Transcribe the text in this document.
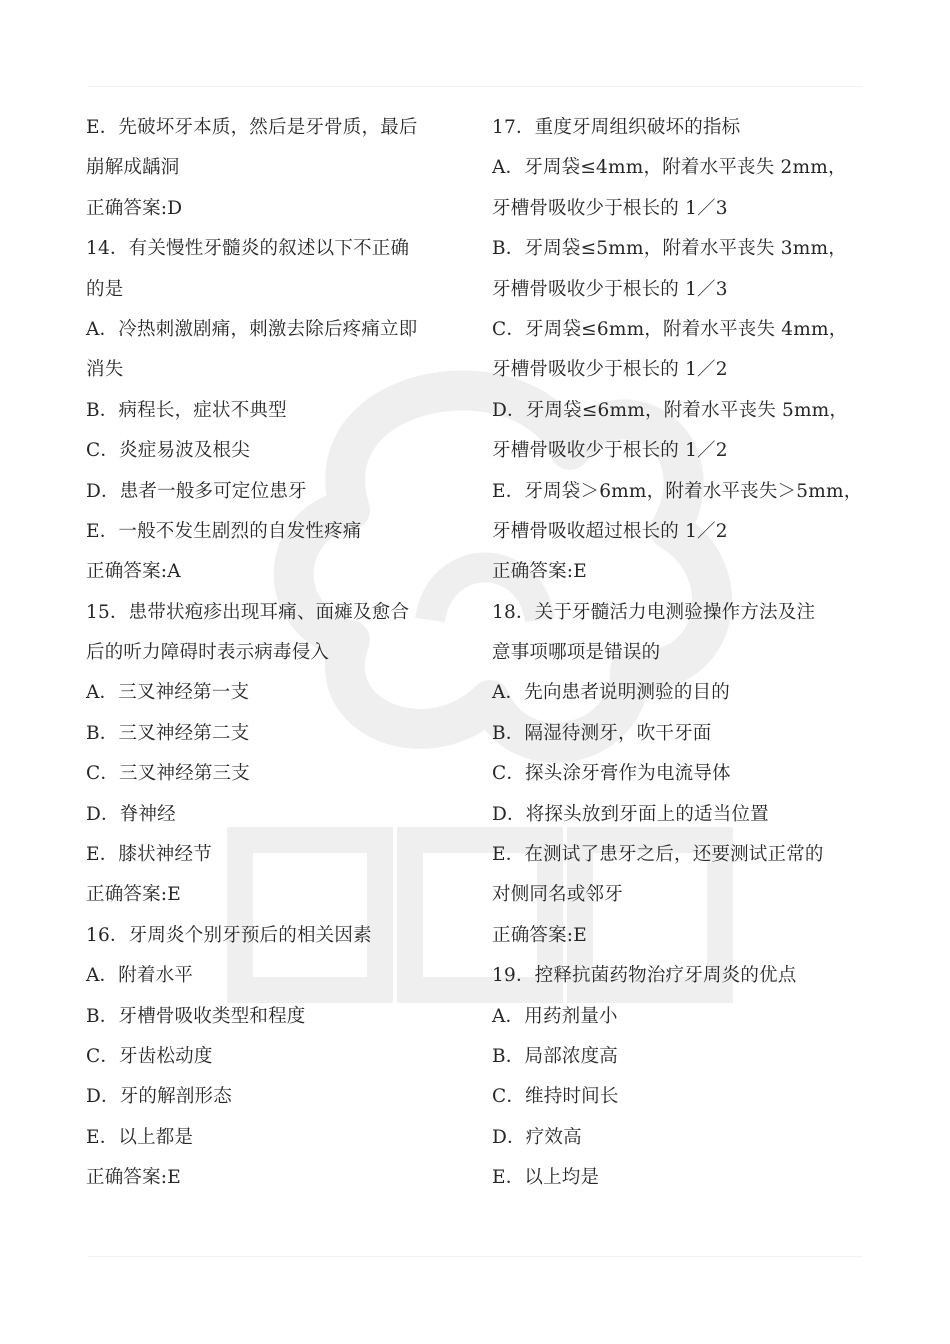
E．先破坏牙本质，然后是牙骨质，最后
崩解成龋洞
正确答案:D
14．有关慢性牙髓炎的叙述以下不正确
的是
A．冷热刺激剧痛，刺激去除后疼痛立即
消失
B．病程长，症状不典型
C．炎症易波及根尖
D．患者一般多可定位患牙
E．一般不发生剧烈的自发性疼痛
正确答案:A
15．患带状疱疹出现耳痛、面瘫及愈合
后的听力障碍时表示病毒侵入
A．三叉神经第一支
B．三叉神经第二支
C．三叉神经第三支
D．脊神经
E．膝状神经节
正确答案:E
16．牙周炎个别牙预后的相关因素
A．附着水平
B．牙槽骨吸收类型和程度
C．牙齿松动度
D．牙的解剖形态
E．以上都是
正确答案:E
17．重度牙周组织破坏的指标
A．牙周袋≤4mm，附着水平丧失 2mm，
牙槽骨吸收少于根长的 1／3
B．牙周袋≤5mm，附着水平丧失 3mm，
牙槽骨吸收少于根长的 1／3
C．牙周袋≤6mm，附着水平丧失 4mm，
牙槽骨吸收少于根长的 1／2
D．牙周袋≤6mm，附着水平丧失 5mm，
牙槽骨吸收少于根长的 1／2
E．牙周袋＞6mm，附着水平丧失＞5mm，
牙槽骨吸收超过根长的 1／2
正确答案:E
18．关于牙髓活力电测验操作方法及注
意事项哪项是错误的
A．先向患者说明测验的目的
B．隔湿待测牙，吹干牙面
C．探头涂牙膏作为电流导体
D．将探头放到牙面上的适当位置
E．在测试了患牙之后，还要测试正常的
对侧同名或邻牙
正确答案:E
19．控释抗菌药物治疗牙周炎的优点
A．用药剂量小
B．局部浓度高
C．维持时间长
D．疗效高
E．以上均是
